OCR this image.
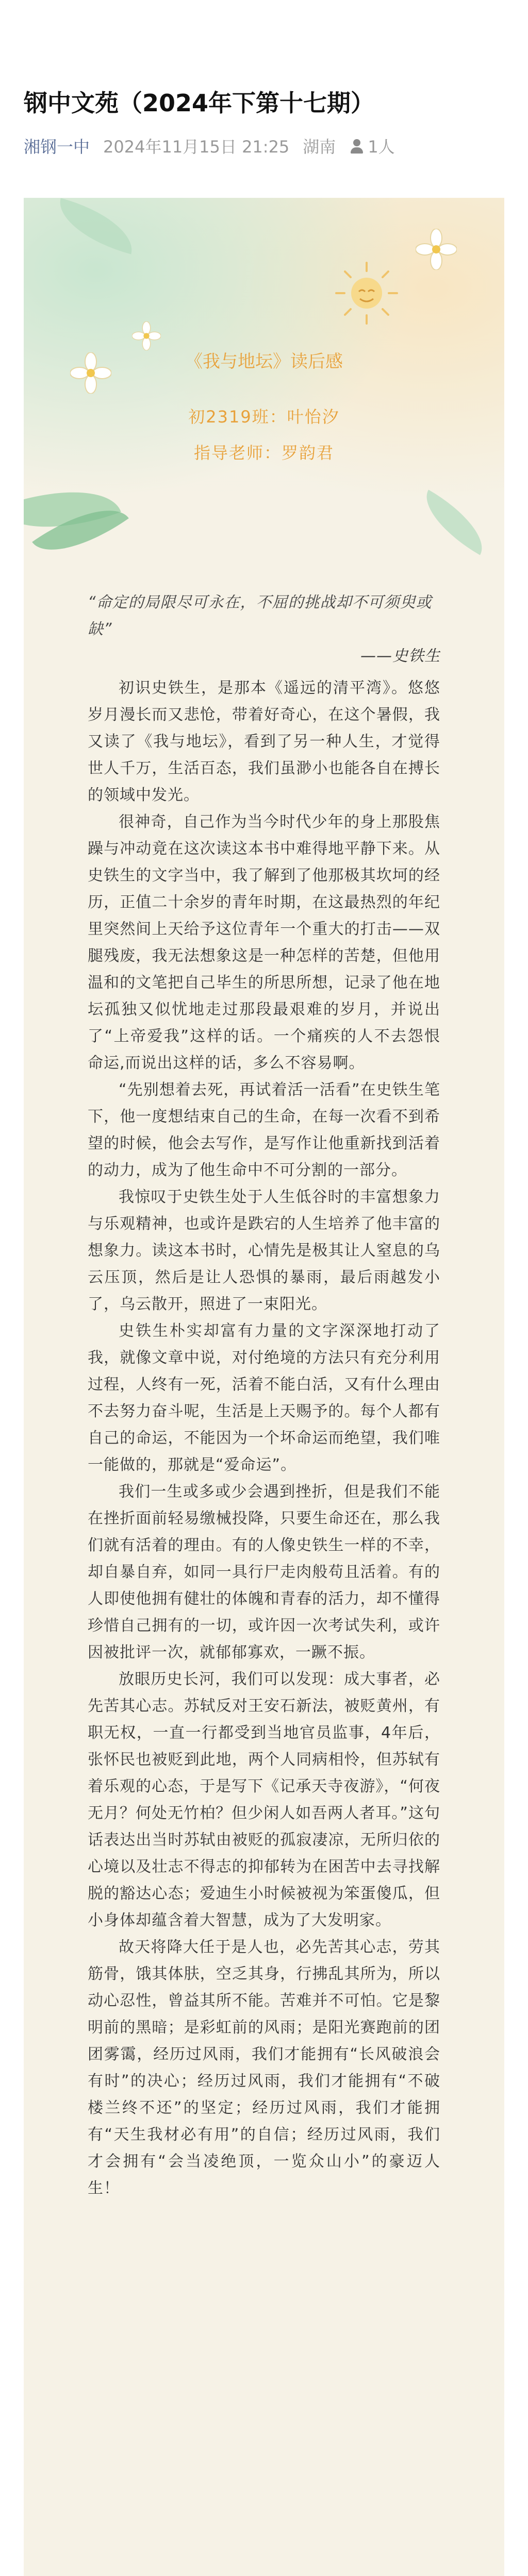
钢中文苑（2024年下第十七期）
湘钢一中 2024年11月15日 21:25 湖南 1人
《我与地坛》读后感
初2319班：叶怡汐
指导老师：罗韵君

“命定的局限尽可永在，不屈的挑战却不可须臾或缺”

——史铁生

初识史铁生，是那本《遥远的清平湾》。悠悠岁月漫长而又悲怆，带着好奇心，在这个暑假，我又读了《我与地坛》，看到了另一种人生，才觉得世人千万，生活百态，我们虽渺小也能各自在搏长的领域中发光。

很神奇，自己作为当今时代少年的身上那股焦躁与冲动竟在这次读这本书中难得地平静下来。从史铁生的文字当中，我了解到了他那极其坎坷的经历，正值二十余岁的青年时期，在这最热烈的年纪里突然间上天给予这位青年一个重大的打击——双腿残废，我无法想象这是一种怎样的苦楚，但他用温和的文笔把自己毕生的所思所想，记录了他在地坛孤独又似忧地走过那段最艰难的岁月，并说出了“上帝爱我”这样的话。一个痛疾的人不去怨恨命运,而说出这样的话，多么不容易啊。

“先别想着去死，再试着活一活看”在史铁生笔下，他一度想结束自己的生命，在每一次看不到希望的时候，他会去写作，是写作让他重新找到活着的动力，成为了他生命中不可分割的一部分。

我惊叹于史铁生处于人生低谷时的丰富想象力与乐观精神，也或许是跌宕的人生培养了他丰富的想象力。读这本书时，心情先是极其让人窒息的乌云压顶，然后是让人恐惧的暴雨，最后雨越发小了，乌云散开，照进了一束阳光。

史铁生朴实却富有力量的文字深深地打动了我，就像文章中说，对付绝境的方法只有充分利用过程，人终有一死，活着不能白活，又有什么理由不去努力奋斗呢，生活是上天赐予的。每个人都有自己的命运，不能因为一个坏命运而绝望，我们唯一能做的，那就是“爱命运”。

我们一生或多或少会遇到挫折，但是我们不能在挫折面前轻易缴械投降，只要生命还在，那么我们就有活着的理由。有的人像史铁生一样的不幸，却自暴自弃，如同一具行尸走肉般苟且活着。有的人即使他拥有健壮的体魄和青春的活力，却不懂得珍惜自己拥有的一切，或许因一次考试失利，或许因被批评一次，就郁郁寡欢，一蹶不振。

放眼历史长河，我们可以发现：成大事者，必先苦其心志。苏轼反对王安石新法，被贬黄州，有职无权，一直一行都受到当地官员监事，4年后，张怀民也被贬到此地，两个人同病相怜，但苏轼有着乐观的心态，于是写下《记承天寺夜游》，“何夜无月？何处无竹柏？但少闲人如吾两人者耳。”这句话表达出当时苏轼由被贬的孤寂凄凉，无所归依的心境以及壮志不得志的抑郁转为在困苦中去寻找解脱的豁达心态；爱迪生小时候被视为笨蛋傻瓜，但小身体却蕴含着大智慧，成为了大发明家。

故天将降大任于是人也，必先苦其心志，劳其筋骨，饿其体肤，空乏其身，行拂乱其所为，所以动心忍性，曾益其所不能。苦难并不可怕。它是黎明前的黑暗；是彩虹前的风雨；是阳光赛跑前的团团雾霭，经历过风雨，我们才能拥有“长风破浪会有时”的决心；经历过风雨，我们才能拥有“不破楼兰终不还”的坚定；经历过风雨，我们才能拥有“天生我材必有用”的自信；经历过风雨，我们才会拥有“会当凌绝顶，一览众山小”的豪迈人生！
